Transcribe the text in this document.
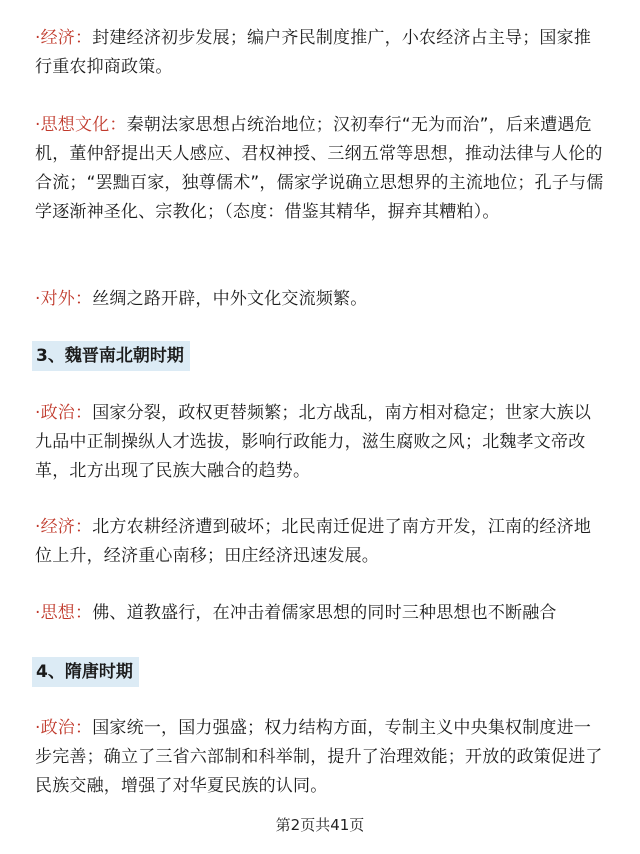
·经济：封建经济初步发展；编户齐民制度推广，小农经济占主导；国家推行重农抑商政策。

·思想文化：秦朝法家思想占统治地位；汉初奉行“无为而治”，后来遭遇危机，董仲舒提出天人感应、君权神授、三纲五常等思想，推动法律与人伦的合流；“罢黜百家，独尊儒术”，儒家学说确立思想界的主流地位；孔子与儒学逐渐神圣化、宗教化；（态度：借鉴其精华，摒弃其糟粕）。

·对外：丝绸之路开辟，中外文化交流频繁。

3、魏晋南北朝时期

·政治：国家分裂，政权更替频繁；北方战乱，南方相对稳定；世家大族以九品中正制操纵人才选拔，影响行政能力，滋生腐败之风；北魏孝文帝改革，北方出现了民族大融合的趋势。

·经济：北方农耕经济遭到破坏；北民南迁促进了南方开发，江南的经济地位上升，经济重心南移；田庄经济迅速发展。

·思想：佛、道教盛行，在冲击着儒家思想的同时三种思想也不断融合

4、隋唐时期

·政治：国家统一，国力强盛；权力结构方面，专制主义中央集权制度进一步完善；确立了三省六部制和科举制，提升了治理效能；开放的政策促进了民族交融，增强了对华夏民族的认同。

第2页共41页
